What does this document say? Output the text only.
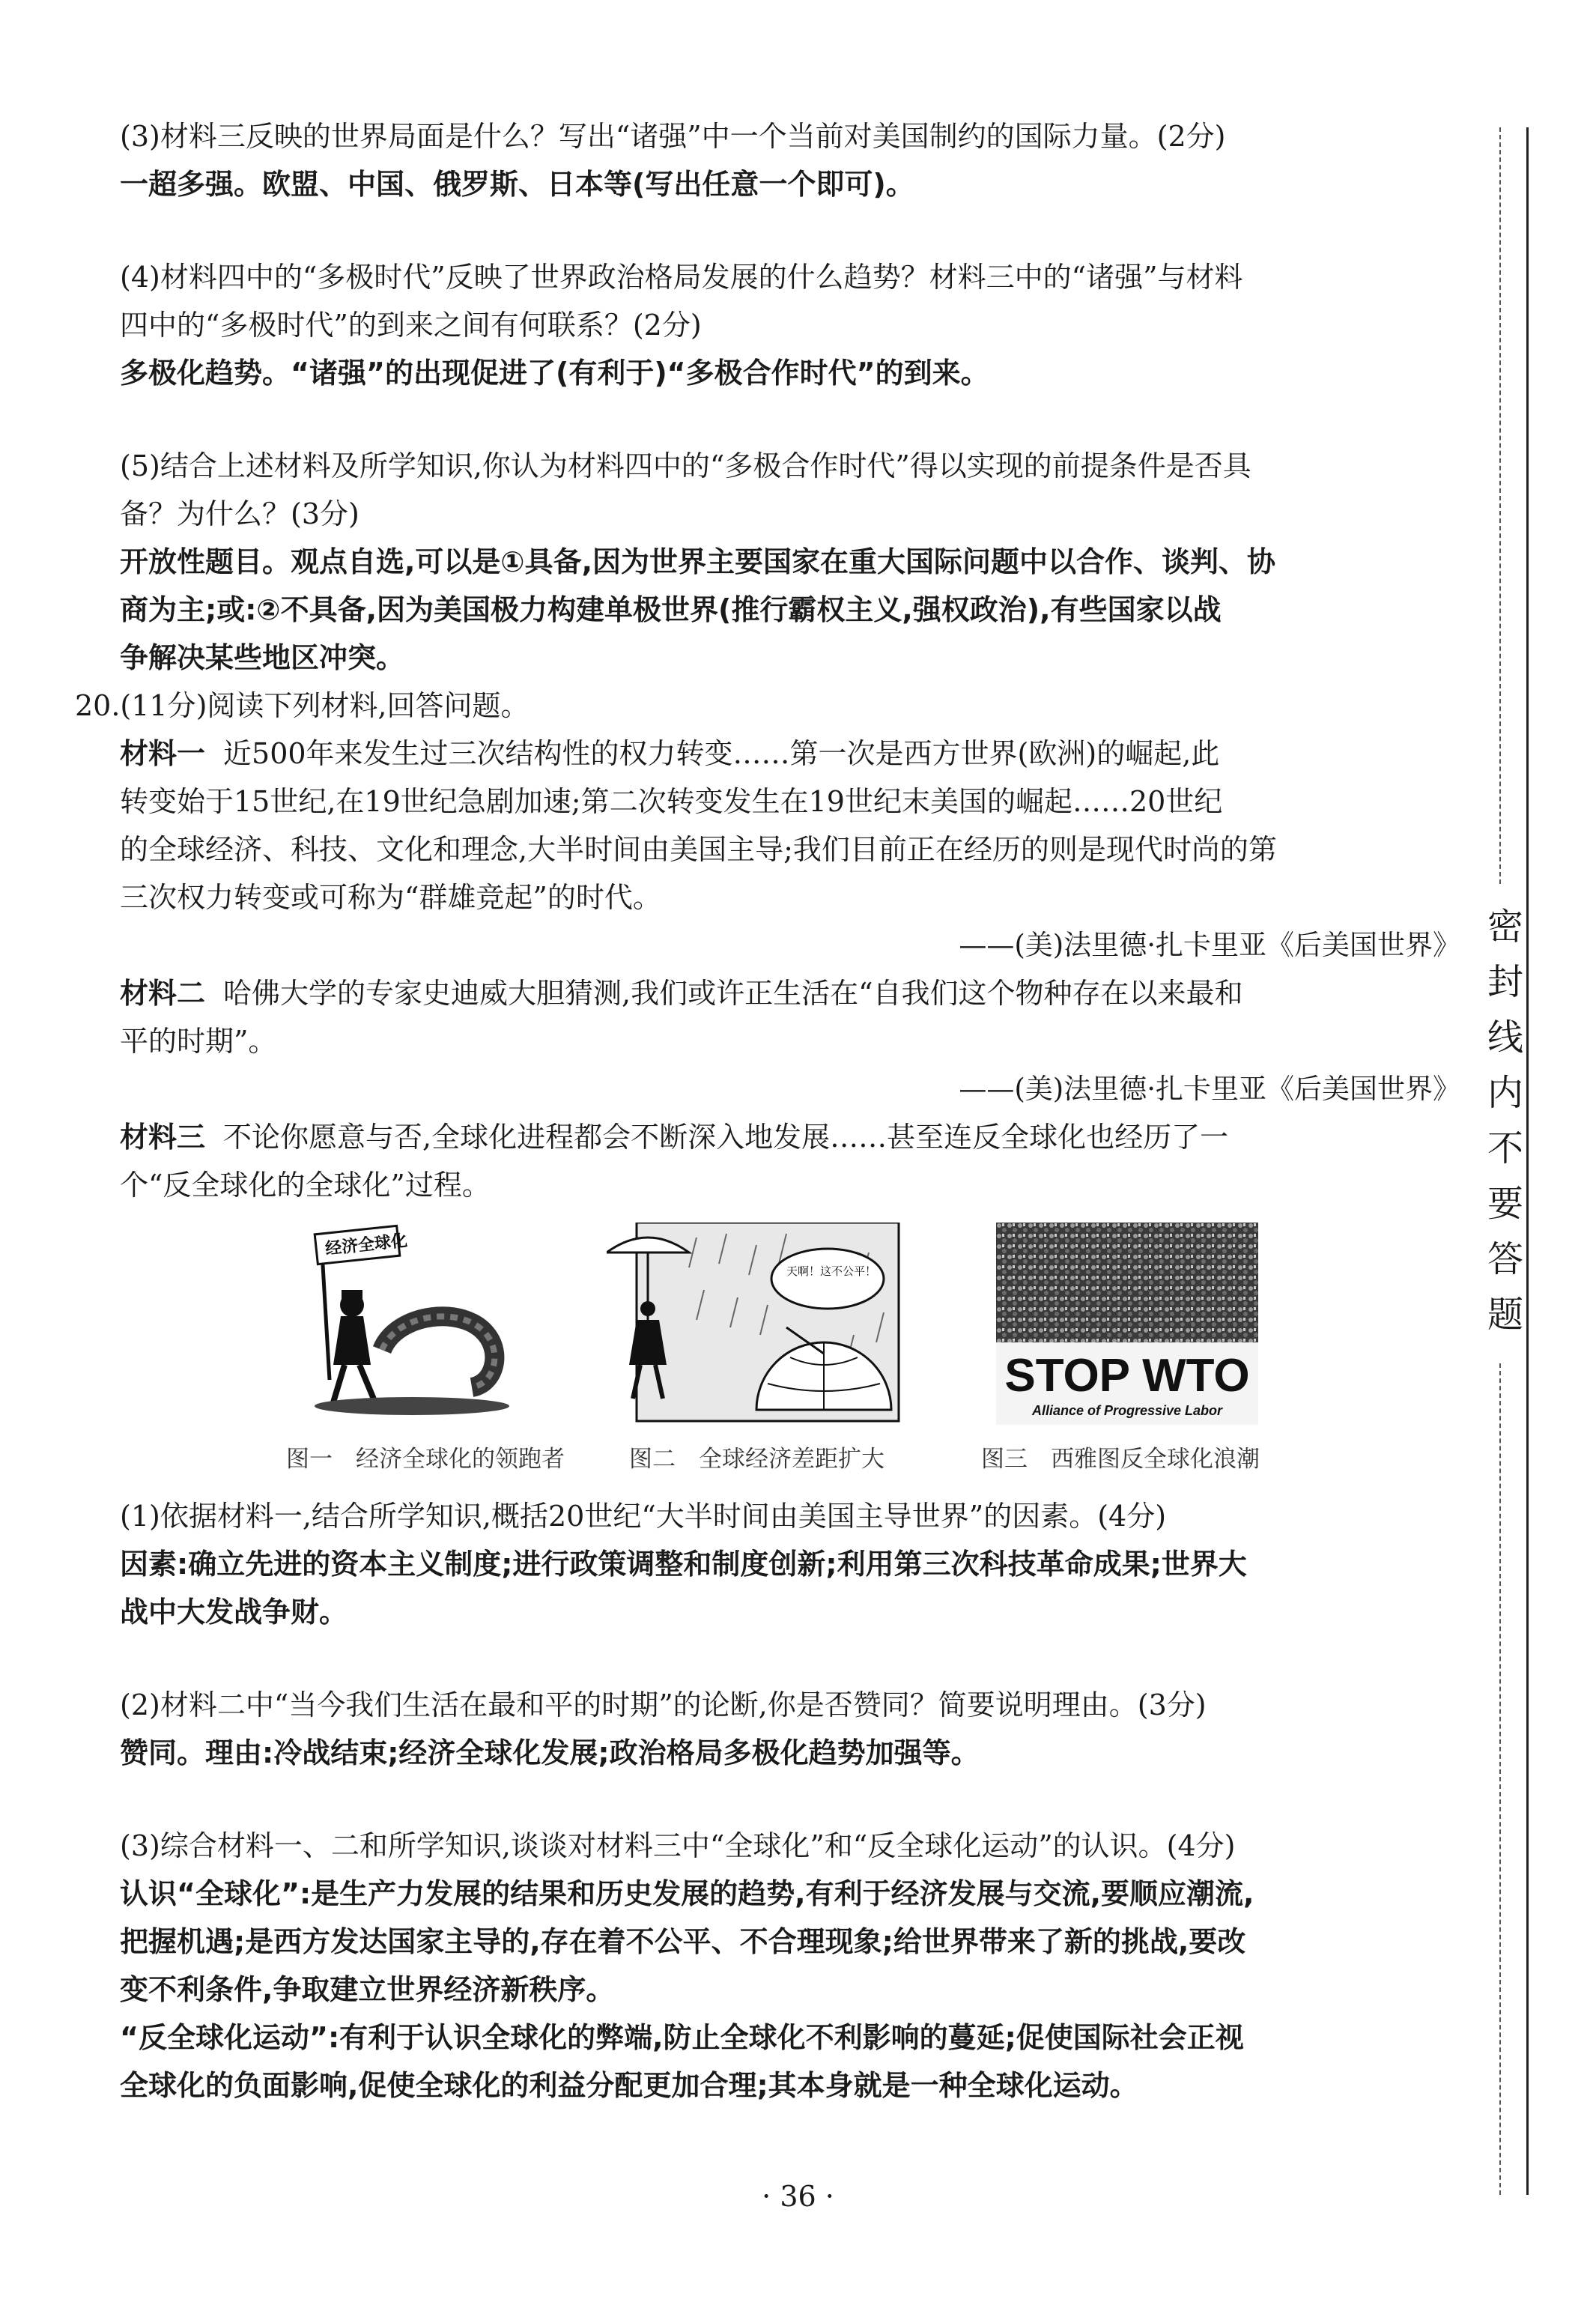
(3)材料三反映的世界局面是什么？写出“诸强”中一个当前对美国制约的国际力量。(2分)

一超多强。欧盟、中国、俄罗斯、日本等(写出任意一个即可)。

(4)材料四中的“多极时代”反映了世界政治格局发展的什么趋势？材料三中的“诸强”与材料

四中的“多极时代”的到来之间有何联系？(2分)

多极化趋势。“诸强”的出现促进了(有利于)“多极合作时代”的到来。

(5)结合上述材料及所学知识,你认为材料四中的“多极合作时代”得以实现的前提条件是否具

备？为什么？(3分)

开放性题目。观点自选,可以是①具备,因为世界主要国家在重大国际问题中以合作、谈判、协

商为主;或:②不具备,因为美国极力构建单极世界(推行霸权主义,强权政治),有些国家以战

争解决某些地区冲突。

20.(11分)阅读下列材料,回答问题。

材料一 近500年来发生过三次结构性的权力转变……第一次是西方世界(欧洲)的崛起,此

转变始于15世纪,在19世纪急剧加速;第二次转变发生在19世纪末美国的崛起……20世纪

的全球经济、科技、文化和理念,大半时间由美国主导;我们目前正在经历的则是现代时尚的第

三次权力转变或可称为“群雄竞起”的时代。

——(美)法里德·扎卡里亚《后美国世界》

材料二 哈佛大学的专家史迪威大胆猜测,我们或许正生活在“自我们这个物种存在以来最和

平的时期”。

——(美)法里德·扎卡里亚《后美国世界》

材料三 不论你愿意与否,全球化进程都会不断深入地发展……甚至连反全球化也经历了一

个“反全球化的全球化”过程。

经济全球化
图一　经济全球化的领跑者
天啊！这不公平！
图二　全球经济差距扩大
STOP WTO
Alliance of Progressive Labor
图三　西雅图反全球化浪潮

(1)依据材料一,结合所学知识,概括20世纪“大半时间由美国主导世界”的因素。(4分)

因素:确立先进的资本主义制度;进行政策调整和制度创新;利用第三次科技革命成果;世界大

战中大发战争财。

(2)材料二中“当今我们生活在最和平的时期”的论断,你是否赞同？简要说明理由。(3分)

赞同。理由:冷战结束;经济全球化发展;政治格局多极化趋势加强等。

(3)综合材料一、二和所学知识,谈谈对材料三中“全球化”和“反全球化运动”的认识。(4分)

认识“全球化”:是生产力发展的结果和历史发展的趋势,有利于经济发展与交流,要顺应潮流,

把握机遇;是西方发达国家主导的,存在着不公平、不合理现象;给世界带来了新的挑战,要改

变不利条件,争取建立世界经济新秩序。

“反全球化运动”:有利于认识全球化的弊端,防止全球化不利影响的蔓延;促使国际社会正视

全球化的负面影响,促使全球化的利益分配更加合理;其本身就是一种全球化运动。

密
封
线
内
不
要
答
题
· 36 ·
